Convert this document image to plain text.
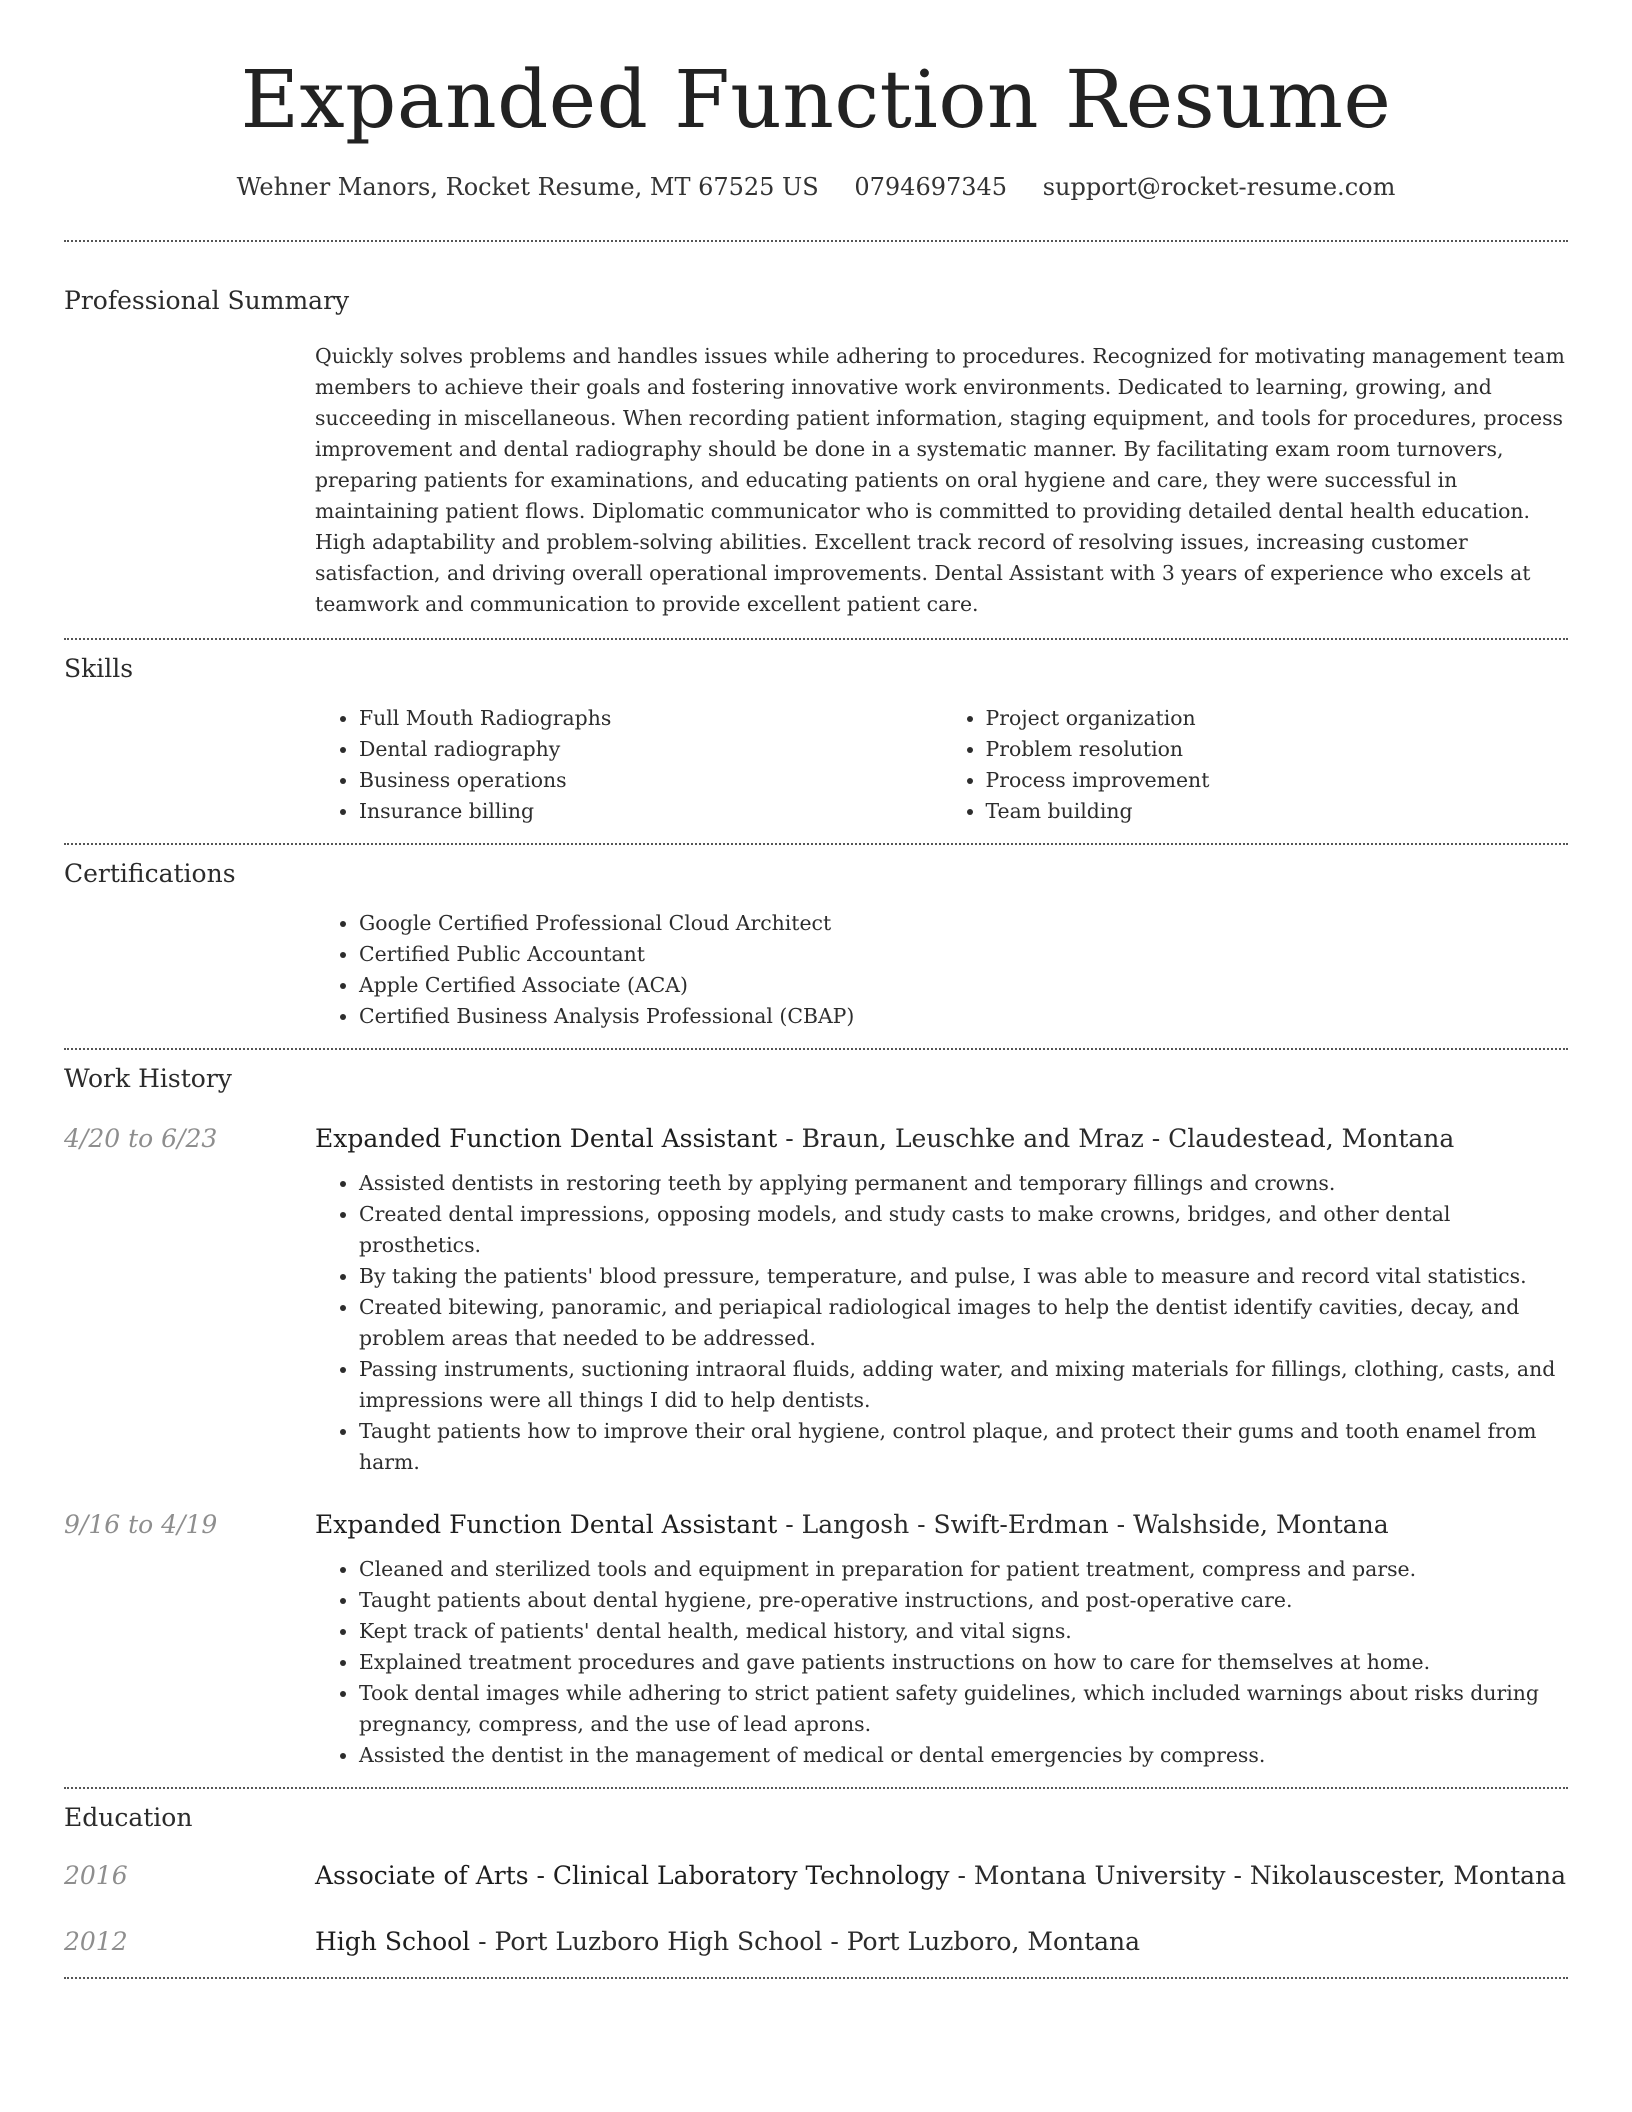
Expanded Function Resume
Wehner Manors, Rocket Resume, MT 67525 US 0794697345 support@rocket-resume.com
Professional Summary
Quickly solves problems and handles issues while adhering to procedures. Recognized for motivating management team members to achieve their goals and fostering innovative work environments. Dedicated to learning, growing, and succeeding in miscellaneous. When recording patient information, staging equipment, and tools for procedures, process improvement and dental radiography should be done in a systematic manner. By facilitating exam room turnovers, preparing patients for examinations, and educating patients on oral hygiene and care, they were successful in maintaining patient flows. Diplomatic communicator who is committed to providing detailed dental health education. High adaptability and problem-solving abilities. Excellent track record of resolving issues, increasing customer satisfaction, and driving overall operational improvements. Dental Assistant with 3 years of experience who excels at teamwork and communication to provide excellent patient care.
Skills
• Full Mouth Radiographs
• Dental radiography
• Business operations
• Insurance billing
• Project organization
• Problem resolution
• Process improvement
• Team building
Certifications
• Google Certified Professional Cloud Architect
• Certified Public Accountant
• Apple Certified Associate (ACA)
• Certified Business Analysis Professional (CBAP)
Work History
4/20 to 6/23	Expanded Function Dental Assistant - Braun, Leuschke and Mraz - Claudestead, Montana
• Assisted dentists in restoring teeth by applying permanent and temporary fillings and crowns.
• Created dental impressions, opposing models, and study casts to make crowns, bridges, and other dental prosthetics.
• By taking the patients' blood pressure, temperature, and pulse, I was able to measure and record vital statistics.
• Created bitewing, panoramic, and periapical radiological images to help the dentist identify cavities, decay, and problem areas that needed to be addressed.
• Passing instruments, suctioning intraoral fluids, adding water, and mixing materials for fillings, clothing, casts, and impressions were all things I did to help dentists.
• Taught patients how to improve their oral hygiene, control plaque, and protect their gums and tooth enamel from harm.
9/16 to 4/19	Expanded Function Dental Assistant - Langosh - Swift-Erdman - Walshside, Montana
• Cleaned and sterilized tools and equipment in preparation for patient treatment, compress and parse.
• Taught patients about dental hygiene, pre-operative instructions, and post-operative care.
• Kept track of patients' dental health, medical history, and vital signs.
• Explained treatment procedures and gave patients instructions on how to care for themselves at home.
• Took dental images while adhering to strict patient safety guidelines, which included warnings about risks during pregnancy, compress, and the use of lead aprons.
• Assisted the dentist in the management of medical or dental emergencies by compress.
Education
2016	Associate of Arts - Clinical Laboratory Technology - Montana University - Nikolauscester, Montana
2012	High School - Port Luzboro High School - Port Luzboro, Montana
